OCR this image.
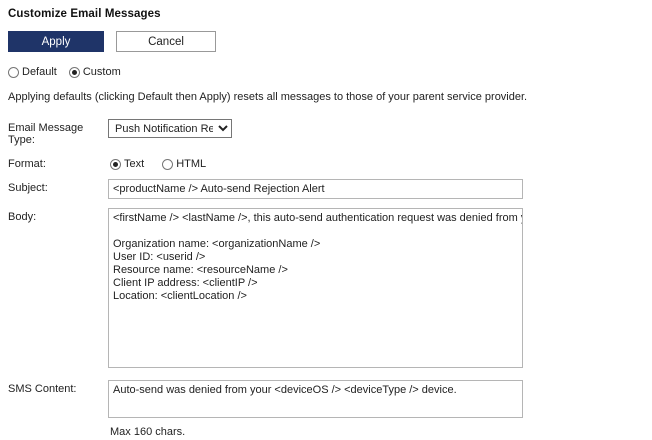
Customize Email Messages
Apply	Cancel
Default Custom
Applying defaults (clicking Default then Apply) resets all messages to those of your parent service provider.
Email Message Type:
Push Notification Rejection Alert
Format:	Text	HTML
Subject:
<productName /> Auto-send Rejection Alert
Body:
<firstName /> <lastName />, this auto-send authentication request was denied from your <device Organization name: <organizationName /> User ID: <userid /> Resource name: <resourceName /> Client IP address: <clientIP /> Location: <clientLocation />
SMS Content:
Auto-send was denied from your <deviceOS /> <deviceType /> device.
Max 160 chars.
